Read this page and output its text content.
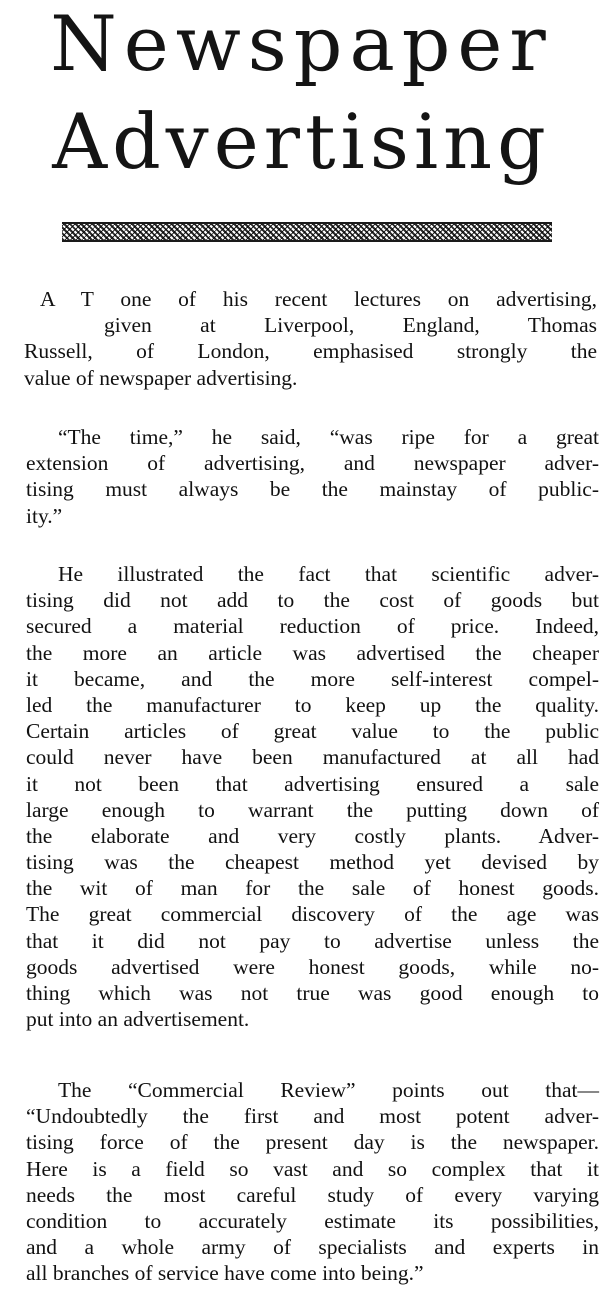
Newspaper
Advertising
A T one of his recent lectures on advertising,
given at Liverpool, England, Thomas
Russell, of London, emphasised strongly the
value of newspaper advertising.
“The time,” he said, “was ripe for a great
extension of advertising, and newspaper adver-
tising must always be the mainstay of public-
ity.”
He illustrated the fact that scientific adver-
tising did not add to the cost of goods but
secured a material reduction of price. Indeed,
the more an article was advertised the cheaper
it became, and the more self-interest compel-
led the manufacturer to keep up the quality.
Certain articles of great value to the public
could never have been manufactured at all had
it not been that advertising ensured a sale
large enough to warrant the putting down of
the elaborate and very costly plants. Adver-
tising was the cheapest method yet devised by
the wit of man for the sale of honest goods.
The great commercial discovery of the age was
that it did not pay to advertise unless the
goods advertised were honest goods, while no-
thing which was not true was good enough to
put into an advertisement.
The “Commercial Review” points out that—
“Undoubtedly the first and most potent adver-
tising force of the present day is the newspaper.
Here is a field so vast and so complex that it
needs the most careful study of every varying
condition to accurately estimate its possibilities,
and a whole army of specialists and experts in
all branches of service have come into being.”
